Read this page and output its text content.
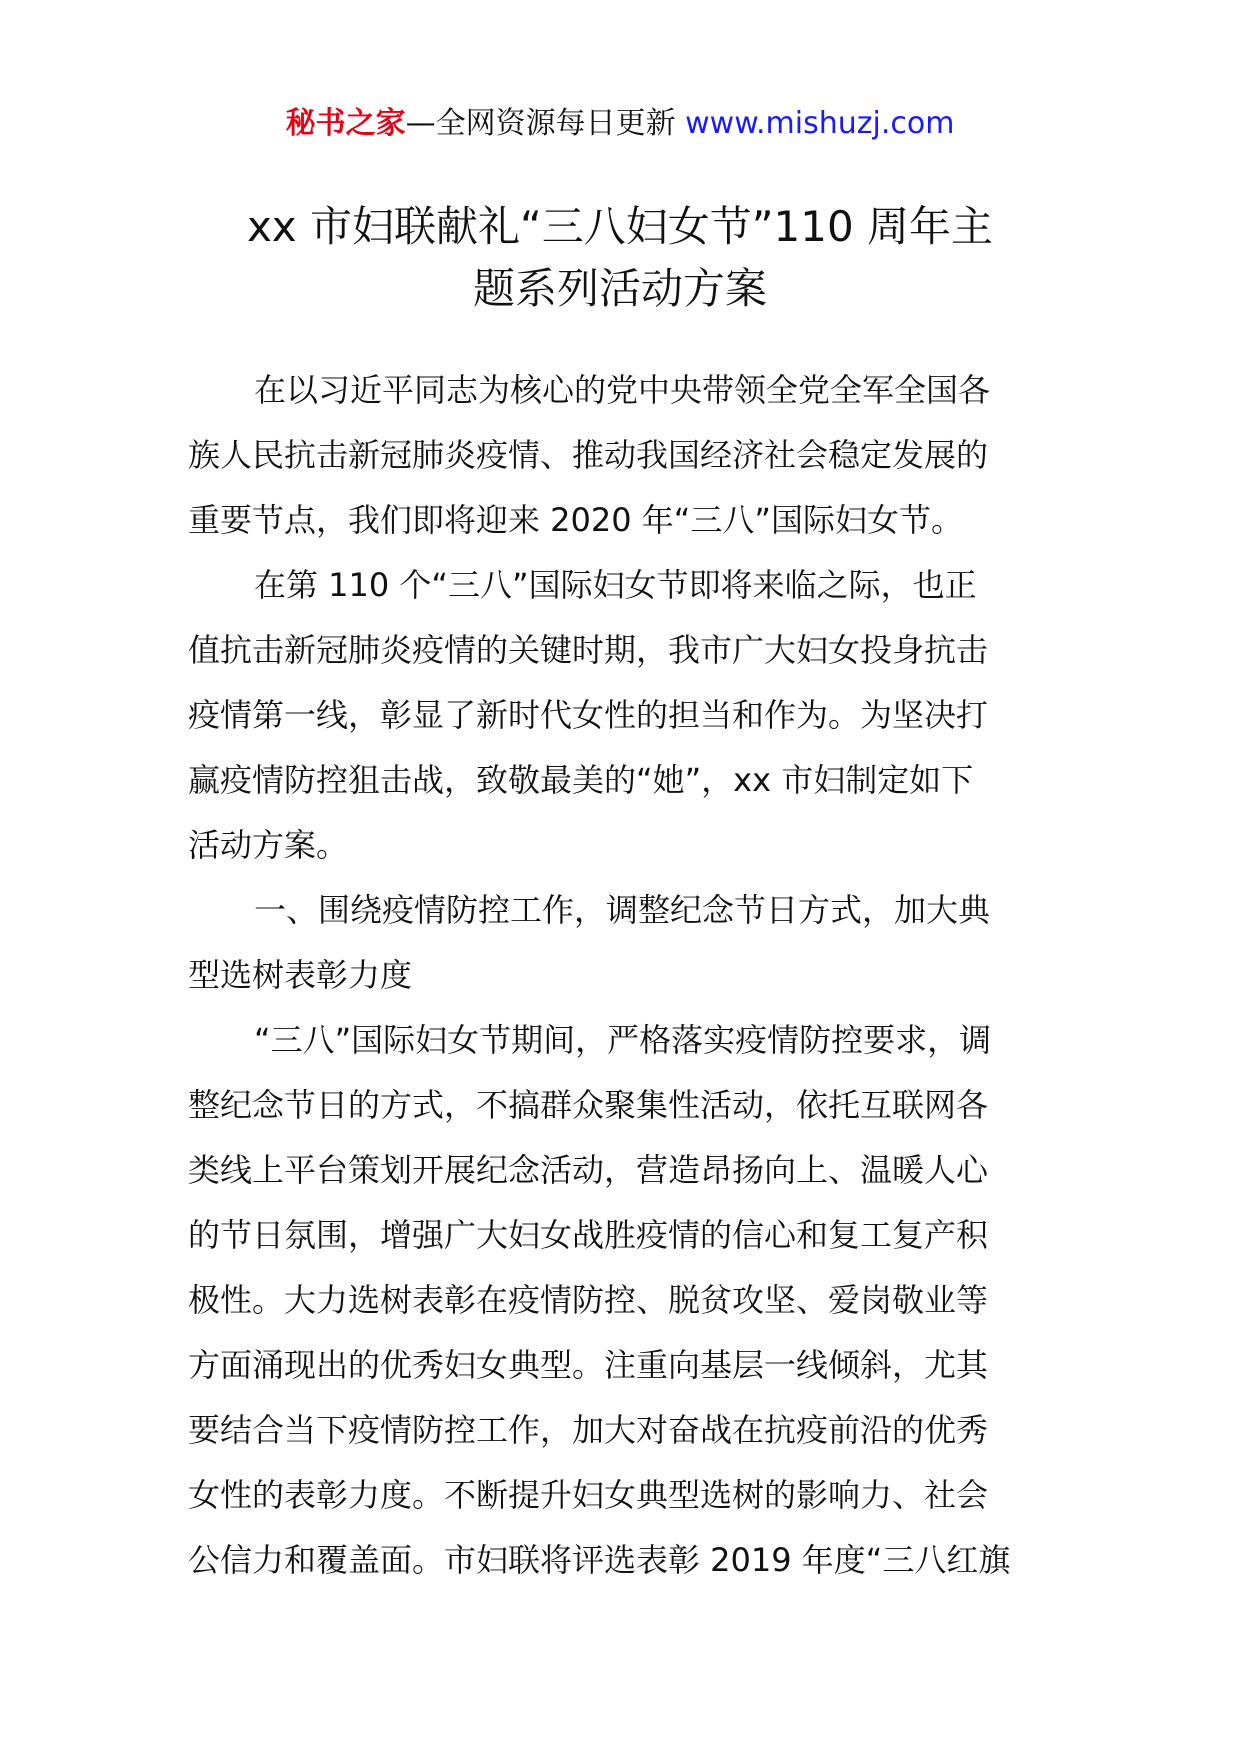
秘书之家—全网资源每日更新 www.mishuzj.com
xx 市妇联献礼“三八妇女节”110 周年主
题系列活动方案
在以习近平同志为核心的党中央带领全党全军全国各
族人民抗击新冠肺炎疫情、推动我国经济社会稳定发展的
重要节点，我们即将迎来 2020 年“三八”国际妇女节。
在第 110 个“三八”国际妇女节即将来临之际，也正
值抗击新冠肺炎疫情的关键时期，我市广大妇女投身抗击
疫情第一线，彰显了新时代女性的担当和作为。为坚决打
赢疫情防控狙击战，致敬最美的“她”，xx 市妇制定如下
活动方案。
一、围绕疫情防控工作，调整纪念节日方式，加大典
型选树表彰力度
“三八”国际妇女节期间，严格落实疫情防控要求，调
整纪念节日的方式，不搞群众聚集性活动，依托互联网各
类线上平台策划开展纪念活动，营造昂扬向上、温暖人心
的节日氛围，增强广大妇女战胜疫情的信心和复工复产积
极性。大力选树表彰在疫情防控、脱贫攻坚、爱岗敬业等
方面涌现出的优秀妇女典型。注重向基层一线倾斜，尤其
要结合当下疫情防控工作，加大对奋战在抗疫前沿的优秀
女性的表彰力度。不断提升妇女典型选树的影响力、社会
公信力和覆盖面。市妇联将评选表彰 2019 年度“三八红旗
